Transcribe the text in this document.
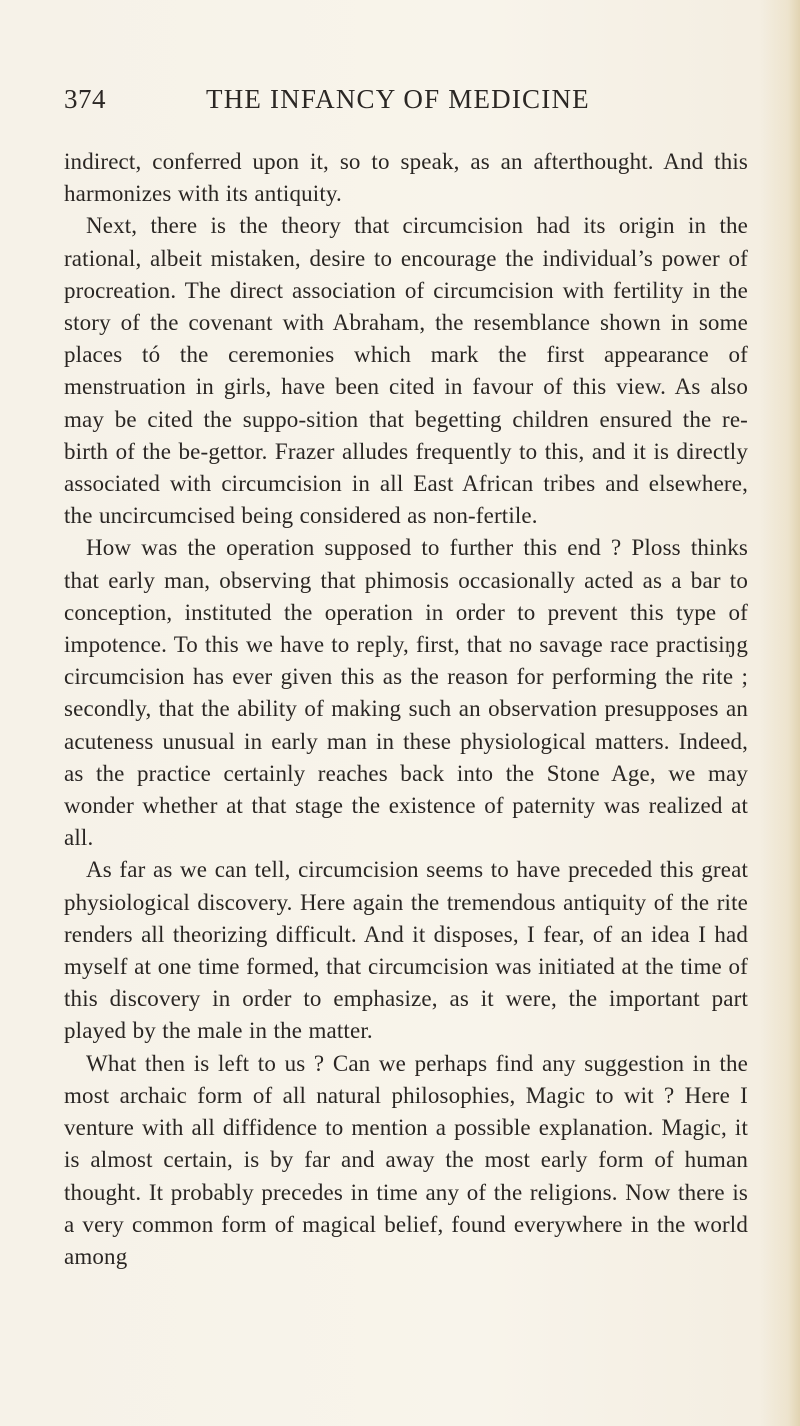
374	THE INFANCY OF MEDICINE

indirect, conferred upon it, so to speak, as an afterthought. And this harmonizes with its antiquity.

Next, there is the theory that circumcision had its origin in the rational, albeit mistaken, desire to encourage the individual’s power of procreation. The direct association of circumcision with fertility in the story of the covenant with Abraham, the resemblance shown in some places tó the ceremonies which mark the first appearance of menstruation in girls, have been cited in favour of this view. As also may be cited the suppo-sition that begetting children ensured the re-birth of the be-gettor. Frazer alludes frequently to this, and it is directly associated with circumcision in all East African tribes and elsewhere, the uncircumcised being considered as non-fertile.

How was the operation supposed to further this end ? Ploss thinks that early man, observing that phimosis occasionally acted as a bar to conception, instituted the operation in order to prevent this type of impotence. To this we have to reply, first, that no savage race practisiŋg circumcision has ever given this as the reason for performing the rite ; secondly, that the ability of making such an observation presupposes an acuteness unusual in early man in these physiological matters. Indeed, as the practice certainly reaches back into the Stone Age, we may wonder whether at that stage the existence of paternity was realized at all.

As far as we can tell, circumcision seems to have preceded this great physiological discovery. Here again the tremendous antiquity of the rite renders all theorizing difficult. And it disposes, I fear, of an idea I had myself at one time formed, that circumcision was initiated at the time of this discovery in order to emphasize, as it were, the important part played by the male in the matter.

What then is left to us ? Can we perhaps find any suggestion in the most archaic form of all natural philosophies, Magic to wit ? Here I venture with all diffidence to mention a possible explanation. Magic, it is almost certain, is by far and away the most early form of human thought. It probably precedes in time any of the religions. Now there is a very common form of magical belief, found everywhere in the world among
